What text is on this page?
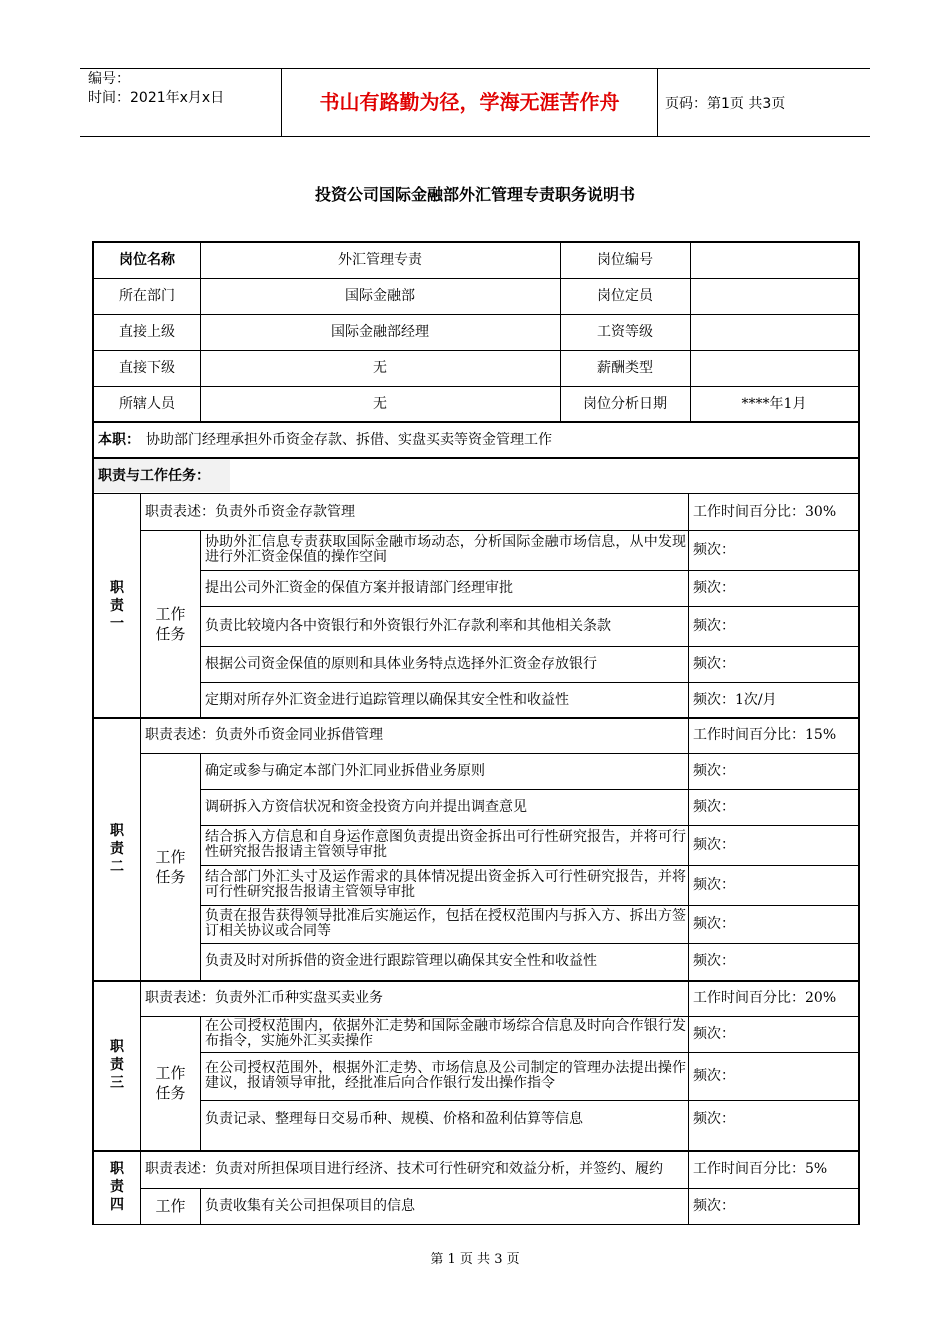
编号：
时间：2021年x月x日	书山有路勤为径，学海无涯苦作舟	页码：第1页 共3页
投资公司国际金融部外汇管理专责职务说明书
第 1 页 共 3 页
岗位名称	外汇管理专责	岗位编号
所在部门	国际金融部	岗位定员
直接上级	国际金融部经理	工资等级
直接下级	无	薪酬类型
所辖人员	无	岗位分析日期	****年1月
本职： 协助部门经理承担外币资金存款、拆借、实盘买卖等资金管理工作
职责与工作任务：
职
责
一
职责表述：负责外币资金存款管理	工作时间百分比：30%
工作
任务
协助外汇信息专责获取国际金融市场动态，分析国际金融市场信息，从中发现进行外汇资金保值的操作空间	频次：
提出公司外汇资金的保值方案并报请部门经理审批	频次：
负责比较境内各中资银行和外资银行外汇存款利率和其他相关条款	频次：
根据公司资金保值的原则和具体业务特点选择外汇资金存放银行	频次：
定期对所存外汇资金进行追踪管理以确保其安全性和收益性	频次：1次/月
职
责
二
职责表述：负责外币资金同业拆借管理	工作时间百分比：15%
工作
任务
确定或参与确定本部门外汇同业拆借业务原则	频次：
调研拆入方资信状况和资金投资方向并提出调查意见	频次：
结合拆入方信息和自身运作意图负责提出资金拆出可行性研究报告，并将可行性研究报告报请主管领导审批	频次：
结合部门外汇头寸及运作需求的具体情况提出资金拆入可行性研究报告，并将可行性研究报告报请主管领导审批	频次：
负责在报告获得领导批准后实施运作，包括在授权范围内与拆入方、拆出方签订相关协议或合同等	频次：
负责及时对所拆借的资金进行跟踪管理以确保其安全性和收益性	频次：
职
责
三
职责表述：负责外汇币种实盘买卖业务	工作时间百分比：20%
工作
任务
在公司授权范围内，依据外汇走势和国际金融市场综合信息及时向合作银行发布指令，实施外汇买卖操作	频次：
在公司授权范围外，根据外汇走势、市场信息及公司制定的管理办法提出操作建议，报请领导审批，经批准后向合作银行发出操作指令	频次：
负责记录、整理每日交易币种、规模、价格和盈利估算等信息	频次：
职
责
四
职责表述：负责对所担保项目进行经济、技术可行性研究和效益分析，并签约、履约	工作时间百分比：5%
工作	负责收集有关公司担保项目的信息	频次：
